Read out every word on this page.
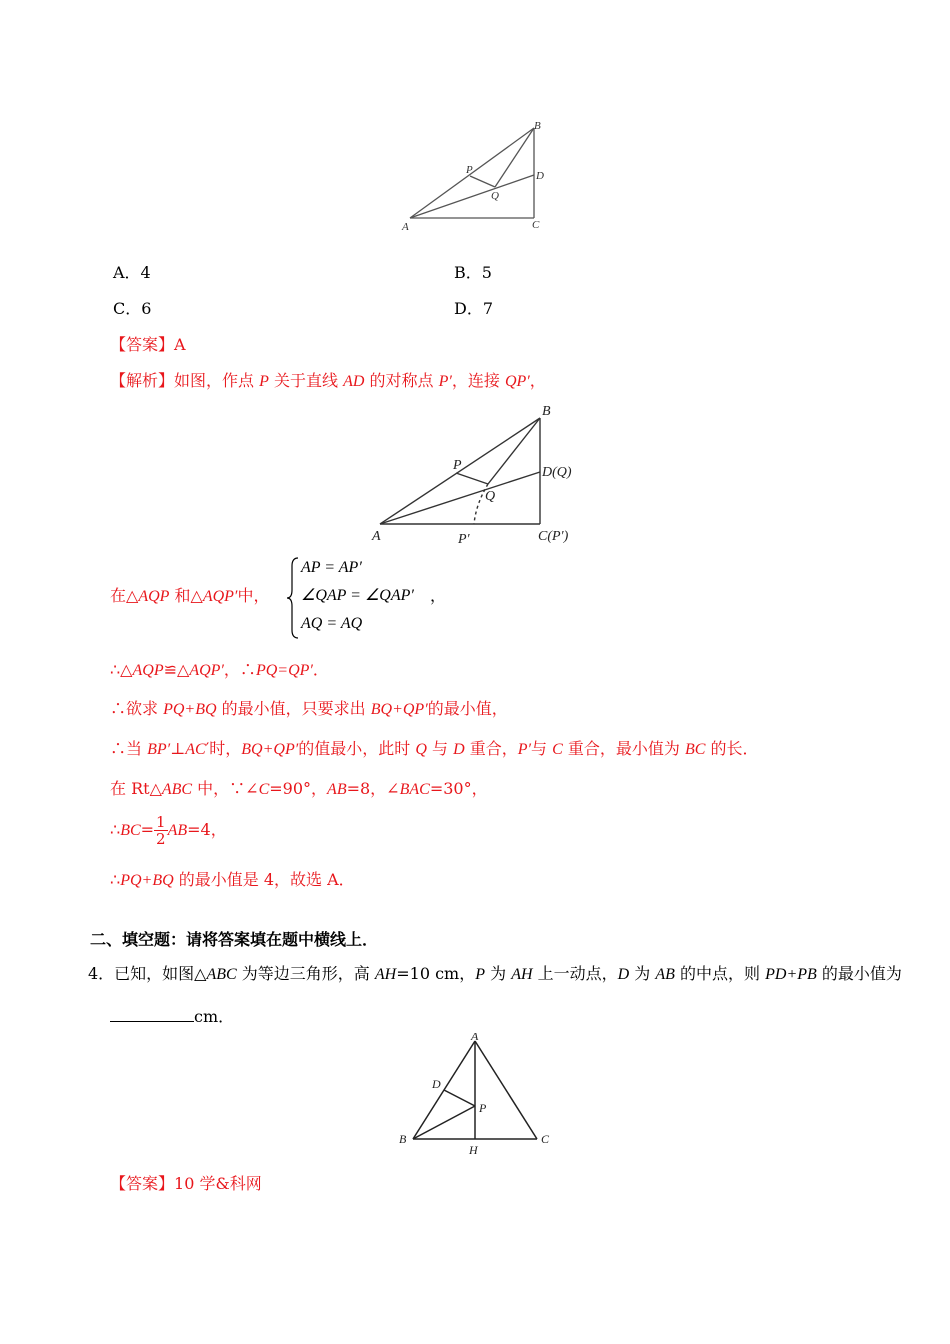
B
D
C
A
P
Q
A．4	B．5
C．6	D．7
【答案】A
【解析】如图，作点 P 关于直线 AD 的对称点 P′，连接 QP′，
B
D(Q)
C(P′)
A
P
Q
P′
在△AQP 和△AQP′中，
AP = AP′
∠QAP = ∠QAP′
AQ = AQ
，
∴△AQP≌△AQP′，∴PQ=QP′．
∴欲求 PQ+BQ 的最小值，只要求出 BQ+QP′的最小值，
∴当 BP′⊥AC′时，BQ+QP′的值最小，此时 Q 与 D 重合，P′与 C 重合，最小值为 BC 的长．
在 Rt△ABC 中，∵∠C=90°，AB=8，∠BAC=30°，
∴BC= $\frac{1}{2} AB=4$，
∴PQ+BQ 的最小值是 4，故选 A．
二、填空题：请将答案填在题中横线上．
4．已知，如图△ABC 为等边三角形，高 AH=10 cm，P 为 AH 上一动点，D 为 AB 的中点，则 PD+PB 的最小值为
cm．
A
D
P
B
H
C
【答案】10 学&科网
